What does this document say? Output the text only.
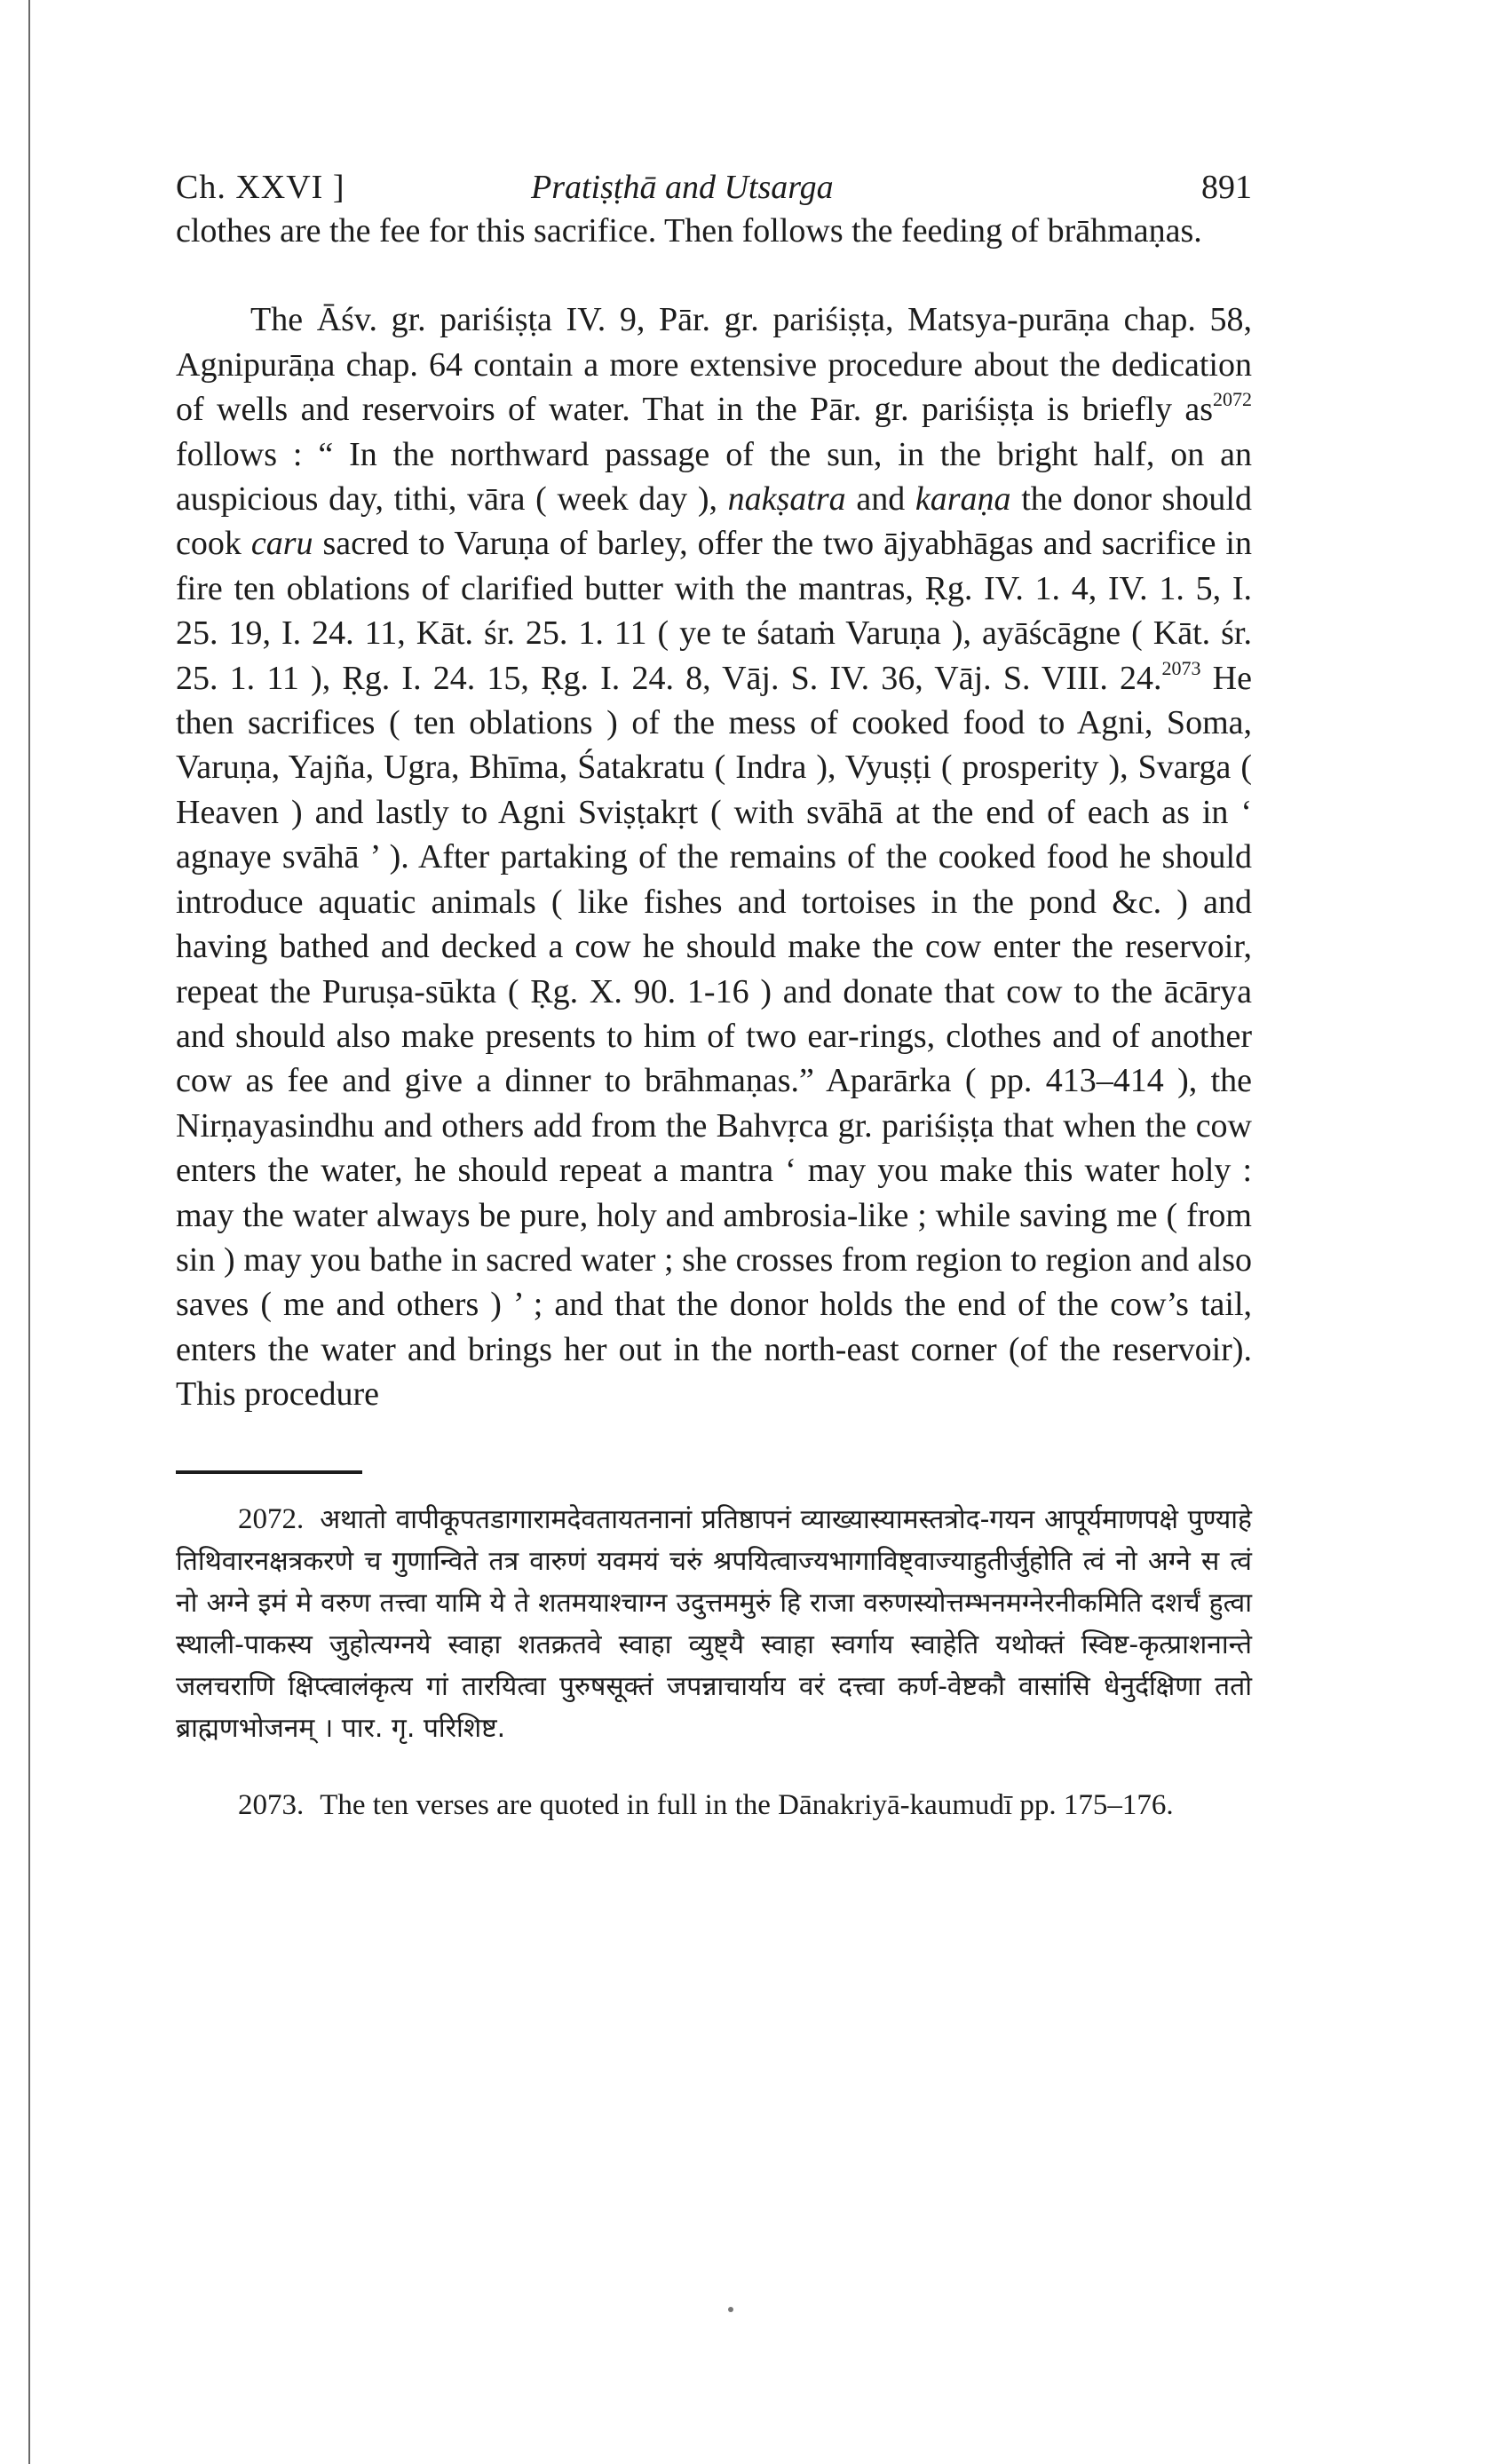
Ch. XXVI ]	Pratiṣṭhā and Utsarga	891

clothes are the fee for this sacrifice. Then follows the feeding of brāhmaṇas.

The Āśv. gr. pariśiṣṭa IV. 9, Pār. gr. pariśiṣṭa, Matsya-purāṇa chap. 58, Agnipurāṇa chap. 64 contain a more extensive procedure about the dedication of wells and reservoirs of water. That in the Pār. gr. pariśiṣṭa is briefly $as^{2072}$ follows : “ In the northward passage of the sun, in the bright half, on an auspicious day, tithi, vāra ( week day ), nakṣatra and karaṇa the donor should cook caru sacred to Varuṇa of barley, offer the two ājyabhāgas and sacrifice in fire ten oblations of clarified butter with the mantras, Ṛg. IV. 1. 4, IV. 1. 5, I. 25. 19, I. 24. 11, Kāt. śr. 25. 1. 11 ( ye te śataṁ Varuṇa ), ayāścāgne ( Kāt. śr. 25. 1. 11 ), Ṛg. I. 24. 15, Ṛg. I. 24. 8, Vāj. S. IV. 36, Vāj. S. VIII. 24.$^{2073}$ He then sacrifices ( ten oblations ) of the mess of cooked food to Agni, Soma, Varuṇa, Yajña, Ugra, Bhīma, Śatakratu ( Indra ), Vyuṣṭi ( prosperity ), Svarga ( Heaven ) and lastly to Agni Sviṣṭakṛt ( with svāhā at the end of each as in ‘ agnaye svāhā ’ ). After partaking of the remains of the cooked food he should introduce aquatic animals ( like fishes and tortoises in the pond &c. ) and having bathed and decked a cow he should make the cow enter the reservoir, repeat the Puruṣa-sūkta ( Ṛg. X. 90. 1-16 ) and donate that cow to the ācārya and should also make presents to him of two ear-rings, clothes and of another cow as fee and give a dinner to brāhmaṇas.” Aparārka ( pp. 413–414 ), the Nirṇayasindhu and others add from the Bahvṛca gr. pariśiṣṭa that when the cow enters the water, he should repeat a mantra ‘ may you make this water holy : may the water always be pure, holy and ambrosia-like ; while saving me ( from sin ) may you bathe in sacred water ; she crosses from region to region and also saves ( me and others ) ’ ; and that the donor holds the end of the cow’s tail, enters the water and brings her out in the north-east corner (of the reservoir). This procedure

2072. अथातो वापीकूपतडागारामदेवतायतनानां प्रतिष्ठापनं व्याख्यास्यामस्तत्रोद-गयन आपूर्यमाणपक्षे पुण्याहे तिथिवारनक्षत्रकरणे च गुणान्विते तत्र वारुणं यवमयं चरुं श्रपयित्वाज्यभागाविष्ट्वाज्याहुतीर्जुहोति त्वं नो अग्ने स त्वं नो अग्ने इमं मे वरुण तत्त्वा यामि ये ते शतमयाश्चाग्न उदुत्तममुरुं हि राजा वरुणस्योत्तम्भनमग्नेरनीकमिति दशर्चं हुत्वा स्थाली-पाकस्य जुहोत्यग्नये स्वाहा शतक्रतवे स्वाहा व्युष्ट्यै स्वाहा स्वर्गाय स्वाहेति यथोक्तं स्विष्ट-कृत्प्राशनान्ते जलचराणि क्षिप्त्वालंकृत्य गां तारयित्वा पुरुषसूक्तं जपन्नाचार्याय वरं दत्त्वा कर्ण-वेष्टकौ वासांसि धेनुर्दक्षिणा ततो ब्राह्मणभोजनम् । पार. गृ. परिशिष्ट.

2073. The ten verses are quoted in full in the Dānakriyā-kaumudī pp. 175–176.
